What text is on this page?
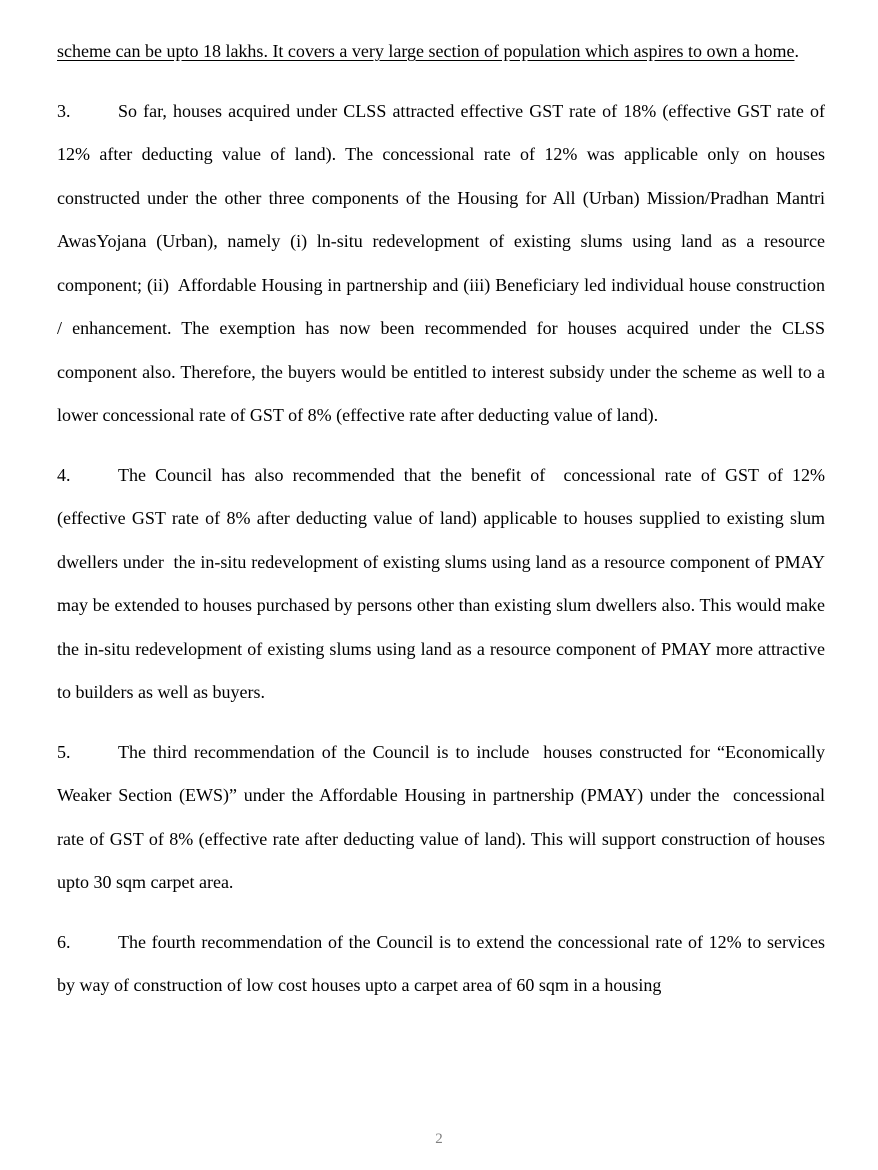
scheme can be upto 18 lakhs. It covers a very large section of population which aspires to own a home.

3.	So far, houses acquired under CLSS attracted effective GST rate of 18% (effective GST rate of 12% after deducting value of land). The concessional rate of 12% was applicable only on houses constructed under the other three components of the Housing for All (Urban) Mission/Pradhan Mantri AwasYojana (Urban), namely (i) ln-situ redevelopment of existing slums using land as a resource component; (ii)  Affordable Housing in partnership and (iii) Beneficiary led individual house construction / enhancement. The exemption has now been recommended for houses acquired under the CLSS component also. Therefore, the buyers would be entitled to interest subsidy under the scheme as well to a lower concessional rate of GST of 8% (effective rate after deducting value of land).

4.	The Council has also recommended that the benefit of  concessional rate of GST of 12% (effective GST rate of 8% after deducting value of land) applicable to houses supplied to existing slum dwellers under  the in-situ redevelopment of existing slums using land as a resource component of PMAY may be extended to houses purchased by persons other than existing slum dwellers also. This would make the in-situ redevelopment of existing slums using land as a resource component of PMAY more attractive to builders as well as buyers.

5.	The third recommendation of the Council is to include  houses constructed for “Economically Weaker Section (EWS)” under the Affordable Housing in partnership (PMAY) under the  concessional rate of GST of 8% (effective rate after deducting value of land). This will support construction of houses upto 30 sqm carpet area.

6.	The fourth recommendation of the Council is to extend the concessional rate of 12% to services by way of construction of low cost houses upto a carpet area of 60 sqm in a housing

2
